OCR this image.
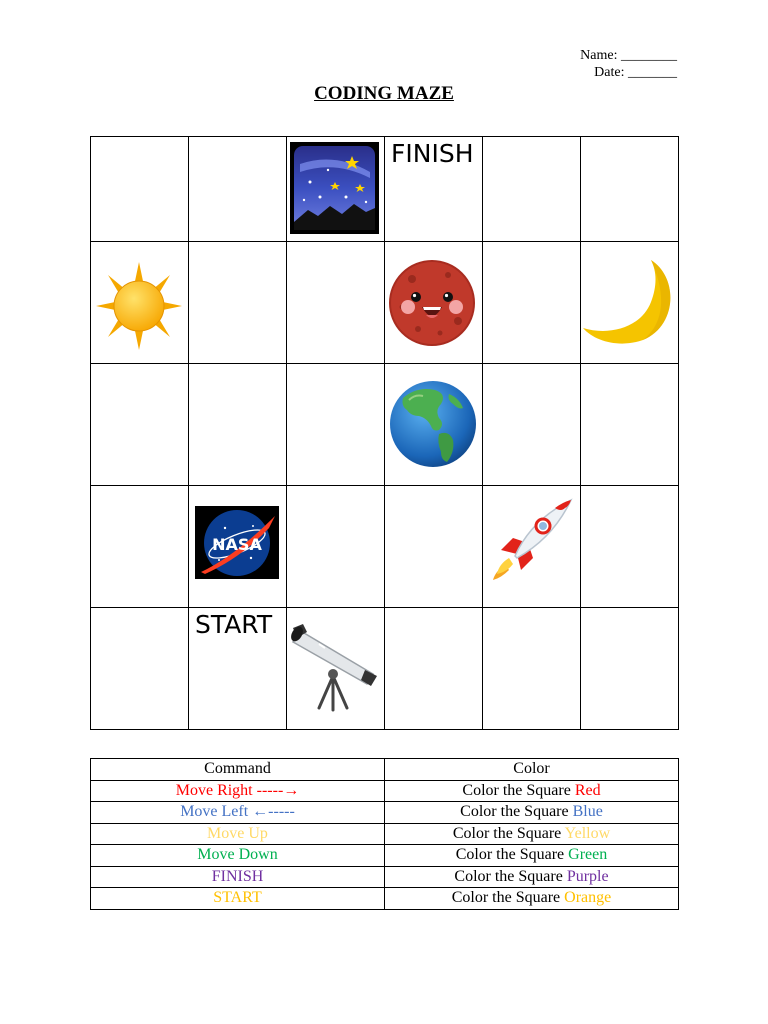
Name: ________
Date: _______
CODING MAZE

FINISH		

NASA

	START

Command	Color
Move Right -----→	Color the Square Red
Move Left ←-----	Color the Square Blue
Move Up	Color the Square Yellow
Move Down	Color the Square Green
FINISH	Color the Square Purple
START	Color the Square Orange
